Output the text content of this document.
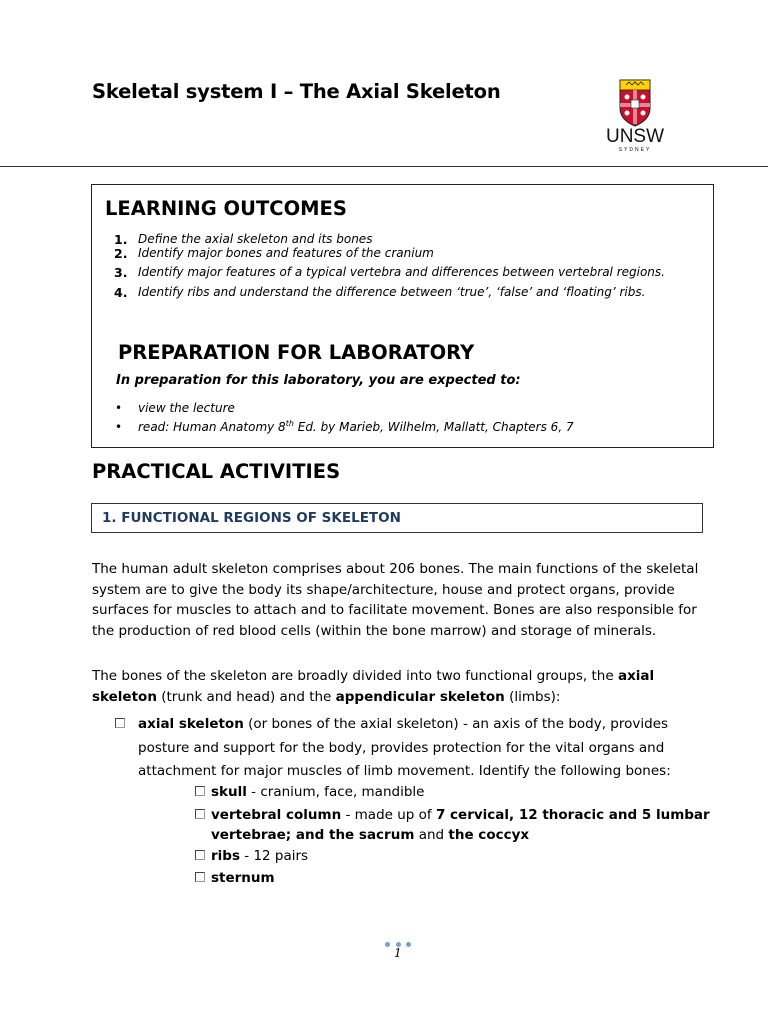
Skeletal system I – The Axial Skeleton
UNSW
SYDNEY
LEARNING OUTCOMES
1. Define the axial skeleton and its bones
2. Identify major bones and features of the cranium
3. Identify major features of a typical vertebra and differences between vertebral regions.
4. Identify ribs and understand the difference between ‘true’, ‘false’ and ‘floating’ ribs.
PREPARATION FOR LABORATORY
In preparation for this laboratory, you are expected to:
• view the lecture
• read: Human Anatomy 8th Ed. by Marieb, Wilhelm, Mallatt, Chapters 6, 7
PRACTICAL ACTIVITIES
1. FUNCTIONAL REGIONS OF SKELETON

The human adult skeleton comprises about 206 bones. The main functions of the skeletal system are to give the body its shape/architecture, house and protect organs, provide surfaces for muscles to attach and to facilitate movement. Bones are also responsible for the production of red blood cells (within the bone marrow) and storage of minerals.

The bones of the skeleton are broadly divided into two functional groups, the axial skeleton (trunk and head) and the appendicular skeleton (limbs):

axial skeleton (or bones of the axial skeleton) - an axis of the body, provides posture and support for the body, provides protection for the vital organs and attachment for major muscles of limb movement. Identify the following bones:
skull - cranium, face, mandible
vertebral column - made up of 7 cervical, 12 thoracic and 5 lumbar vertebrae; and the sacrum and the coccyx
ribs - 12 pairs
sternum
1
